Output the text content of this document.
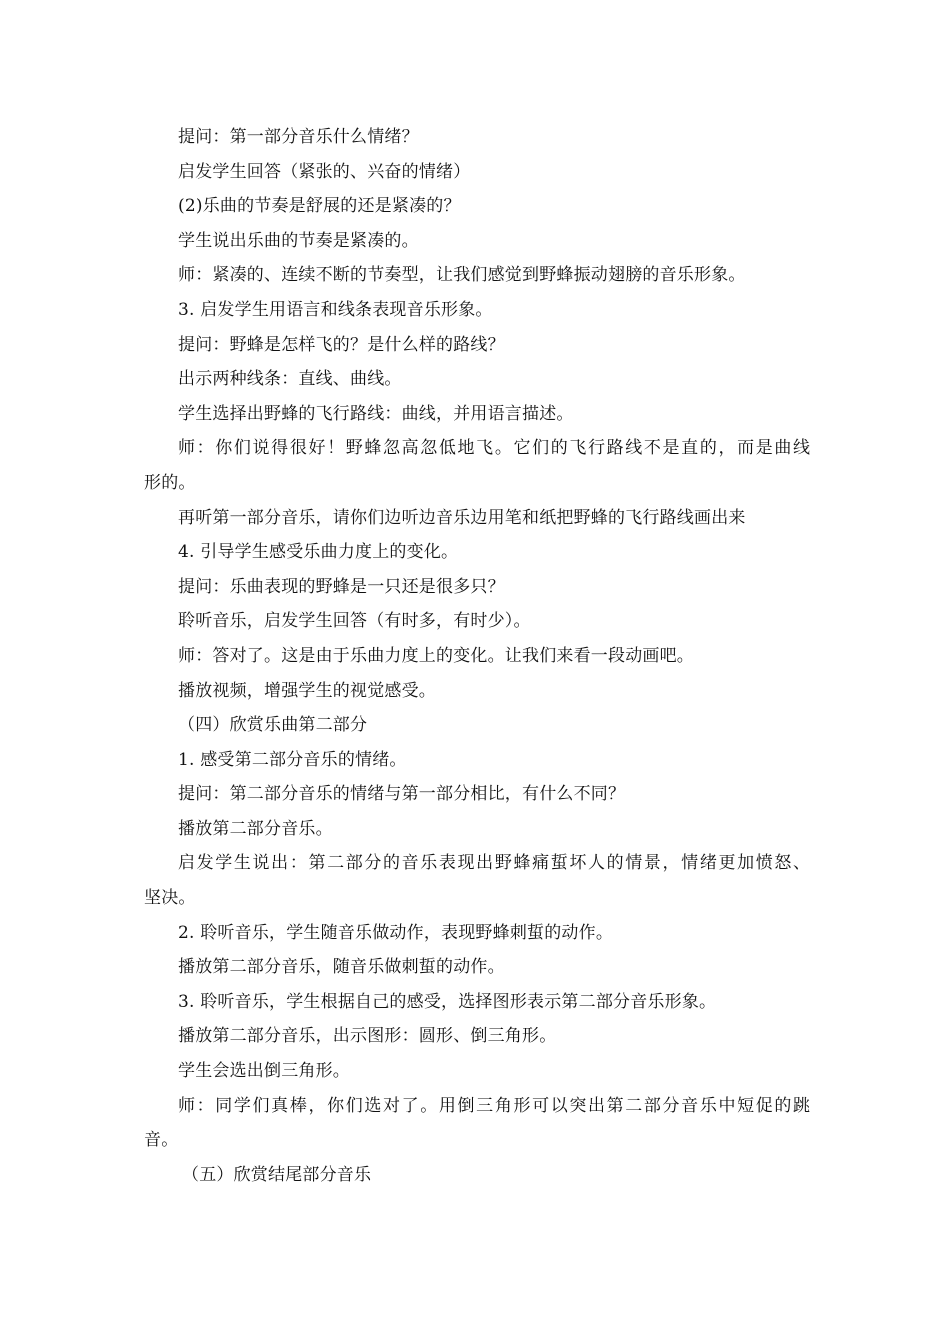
提问：第一部分音乐什么情绪？
启发学生回答（紧张的、兴奋的情绪）
(2)乐曲的节奏是舒展的还是紧凑的？
学生说出乐曲的节奏是紧凑的。
师：紧凑的、连续不断的节奏型，让我们感觉到野蜂振动翅膀的音乐形象。
3. 启发学生用语言和线条表现音乐形象。
提问：野蜂是怎样飞的？是什么样的路线？
出示两种线条：直线、曲线。
学生选择出野蜂的飞行路线：曲线，并用语言描述。
师：你们说得很好！野蜂忽高忽低地飞。它们的飞行路线不是直的，而是曲线
形的。
再听第一部分音乐，请你们边听边音乐边用笔和纸把野蜂的飞行路线画出来
4. 引导学生感受乐曲力度上的变化。
提问：乐曲表现的野蜂是一只还是很多只？
聆听音乐，启发学生回答（有时多，有时少）。
师：答对了。这是由于乐曲力度上的变化。让我们来看一段动画吧。
播放视频，增强学生的视觉感受。
（四）欣赏乐曲第二部分
1. 感受第二部分音乐的情绪。
提问：第二部分音乐的情绪与第一部分相比，有什么不同？
播放第二部分音乐。
启发学生说出：第二部分的音乐表现出野蜂痛蜇坏人的情景，情绪更加愤怒、
坚决。
2. 聆听音乐，学生随音乐做动作，表现野蜂刺蜇的动作。
播放第二部分音乐，随音乐做刺蜇的动作。
3. 聆听音乐，学生根据自己的感受，选择图形表示第二部分音乐形象。
播放第二部分音乐，出示图形：圆形、倒三角形。
学生会选出倒三角形。
师：同学们真棒，你们选对了。用倒三角形可以突出第二部分音乐中短促的跳
音。
（五）欣赏结尾部分音乐
